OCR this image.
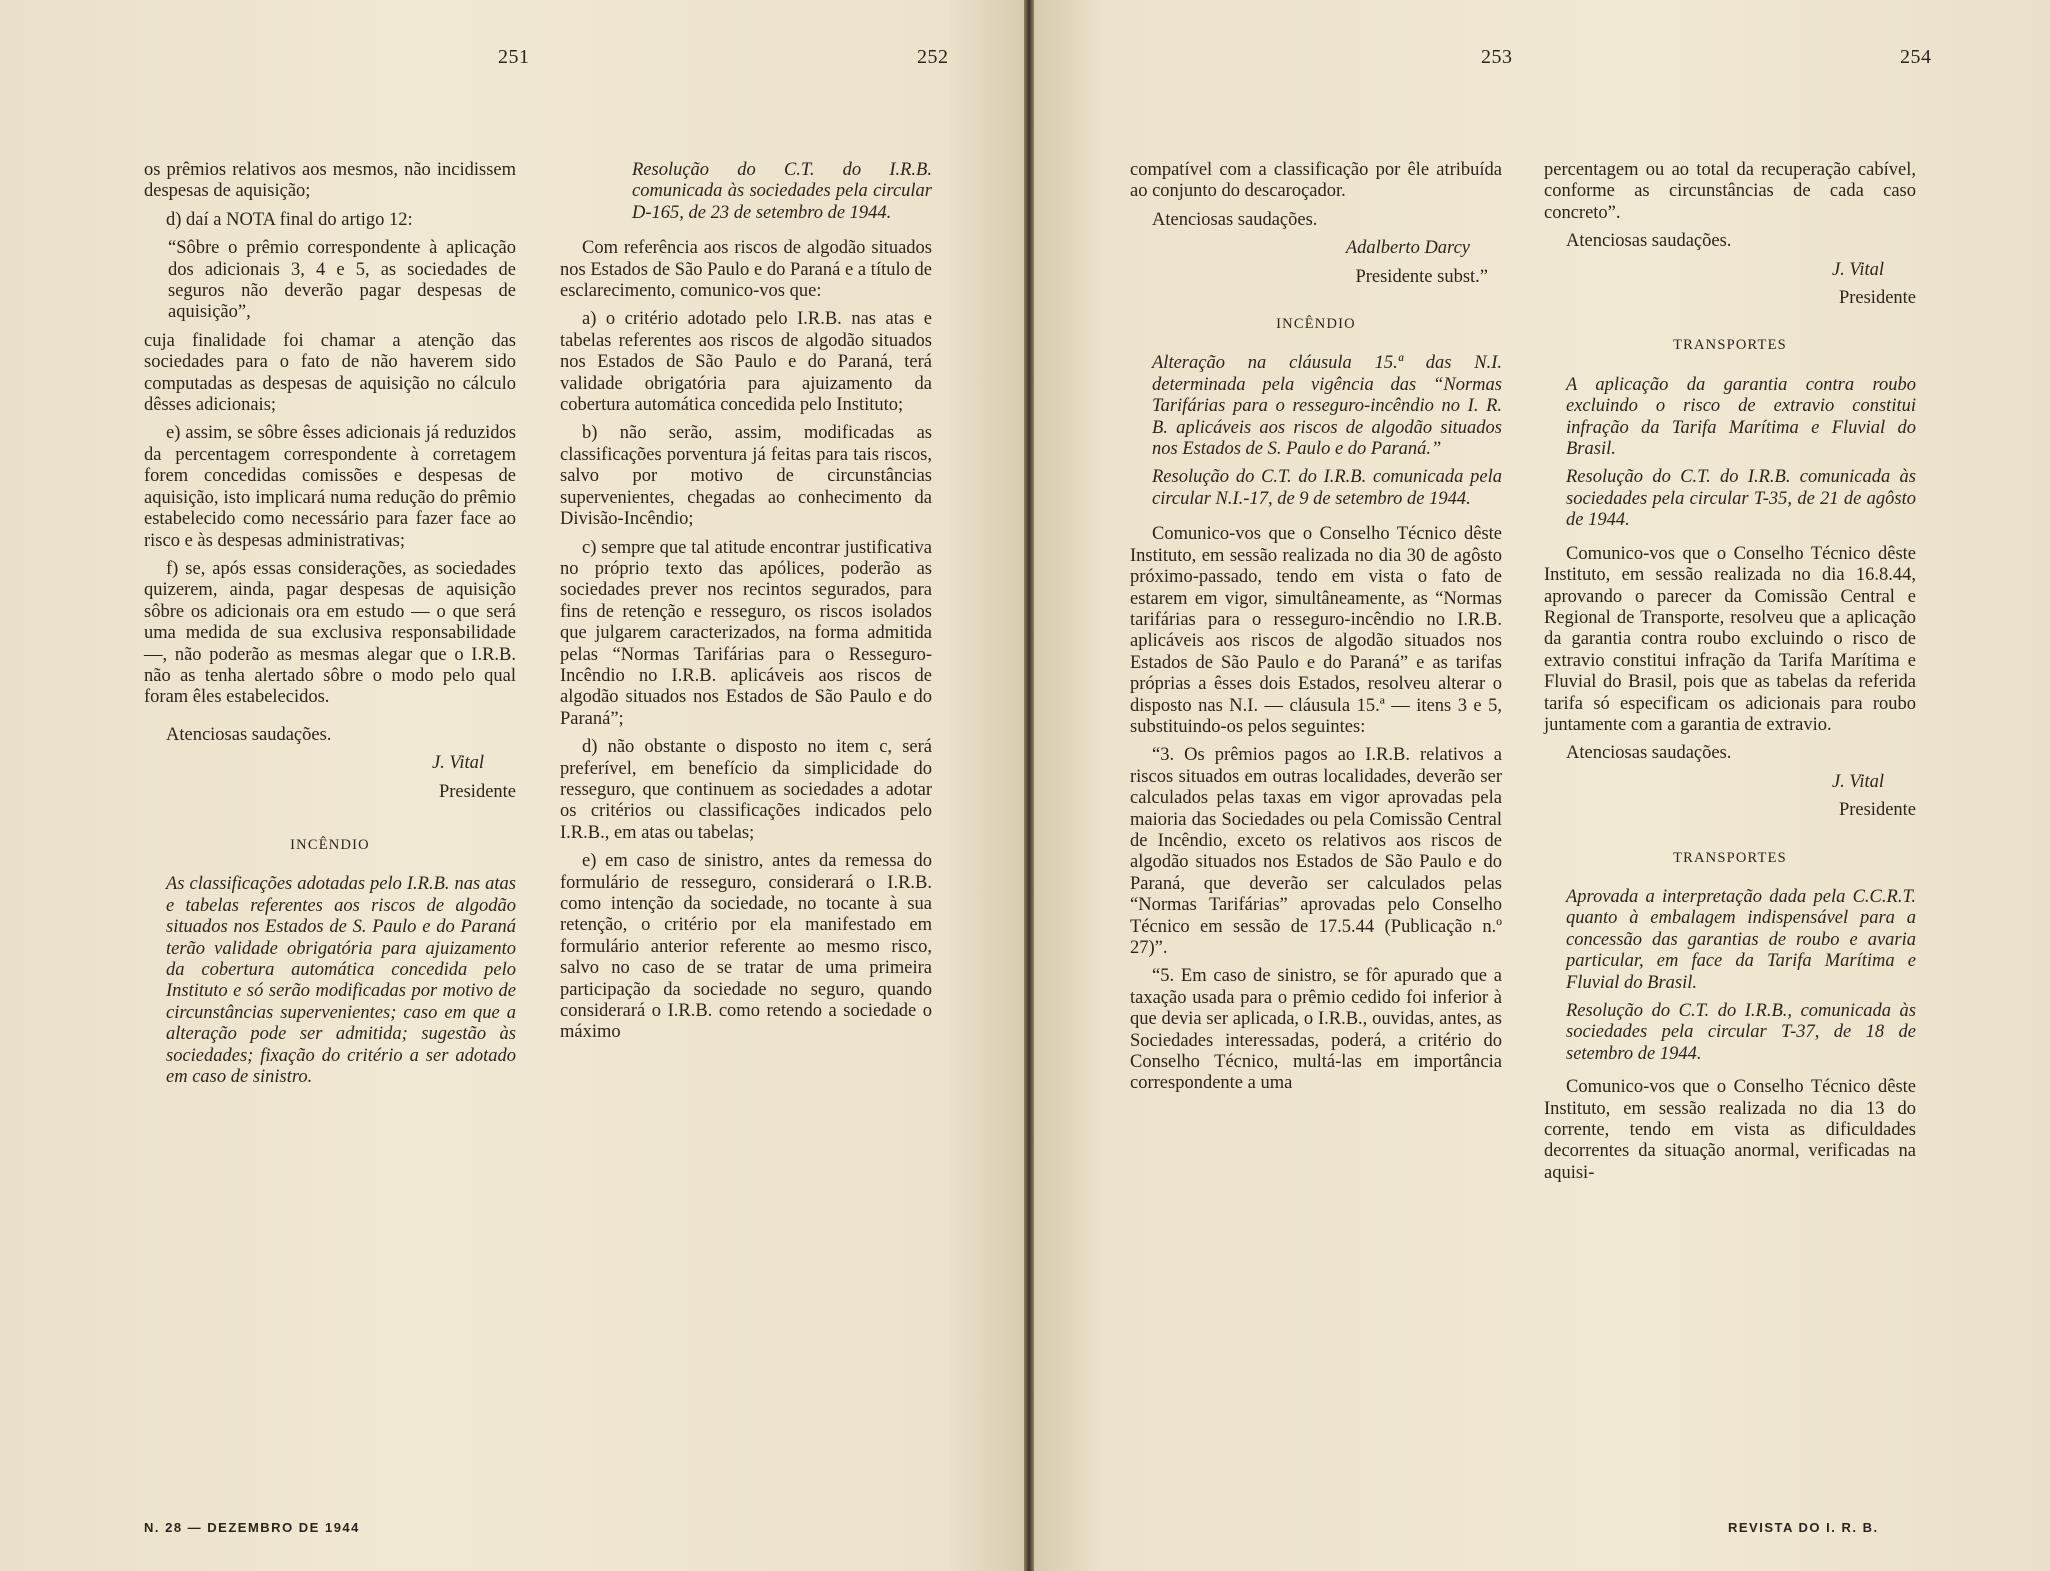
251	252

os prêmios relativos aos mesmos, não incidissem despesas de aquisição;

d) daí a NOTA final do artigo 12:

“Sôbre o prêmio correspondente à aplicação dos adicionais 3, 4 e 5, as sociedades de seguros não deverão pagar despesas de aquisição”,

cuja finalidade foi chamar a atenção das sociedades para o fato de não haverem sido computadas as despesas de aquisição no cálculo dêsses adicionais;

e) assim, se sôbre êsses adicionais já reduzidos da percentagem correspondente à corretagem forem concedidas comissões e despesas de aquisição, isto implicará numa redução do prêmio estabelecido como necessário para fazer face ao risco e às despesas administrativas;

f) se, após essas considerações, as sociedades quizerem, ainda, pagar despesas de aquisição sôbre os adicionais ora em estudo — o que será uma medida de sua exclusiva responsabilidade —, não poderão as mesmas alegar que o I.R.B. não as tenha alertado sôbre o modo pelo qual foram êles estabelecidos.

Atenciosas saudações.

J. Vital

Presidente

INCÊNDIO

As classificações adotadas pelo I.R.B. nas atas e tabelas referentes aos riscos de algodão situados nos Estados de S. Paulo e do Paraná terão validade obrigatória para ajuizamento da cobertura automática concedida pelo Instituto e só serão modificadas por motivo de circunstâncias supervenientes; caso em que a alteração pode ser admitida; sugestão às sociedades; fixação do critério a ser adotado em caso de sinistro.

Resolução do C.T. do I.R.B. comunicada às sociedades pela circular D-165, de 23 de setembro de 1944.

Com referência aos riscos de algodão situados nos Estados de São Paulo e do Paraná e a título de esclarecimento, comunico-vos que:

a) o critério adotado pelo I.R.B. nas atas e tabelas referentes aos riscos de algodão situados nos Estados de São Paulo e do Paraná, terá validade obrigatória para ajuizamento da cobertura automática concedida pelo Instituto;

b) não serão, assim, modificadas as classificações porventura já feitas para tais riscos, salvo por motivo de circunstâncias supervenientes, chegadas ao conhecimento da Divisão-Incêndio;

c) sempre que tal atitude encontrar justificativa no próprio texto das apólices, poderão as sociedades prever nos recintos segurados, para fins de retenção e resseguro, os riscos isolados que julgarem caracterizados, na forma admitida pelas “Normas Tarifárias para o Resseguro-Incêndio no I.R.B. aplicáveis aos riscos de algodão situados nos Estados de São Paulo e do Paraná”;

d) não obstante o disposto no item c, será preferível, em benefício da simplicidade do resseguro, que continuem as sociedades a adotar os critérios ou classificações indicados pelo I.R.B., em atas ou tabelas;

e) em caso de sinistro, antes da remessa do formulário de resseguro, considerará o I.R.B. como intenção da sociedade, no tocante à sua retenção, o critério por ela manifestado em formulário anterior referente ao mesmo risco, salvo no caso de se tratar de uma primeira participação da sociedade no seguro, quando considerará o I.R.B. como retendo a sociedade o máximo

N. 28 — DEZEMBRO DE 1944
253	254

compatível com a classificação por êle atribuída ao conjunto do descaroçador.

Atenciosas saudações.

Adalberto Darcy

Presidente subst.”

INCÊNDIO

Alteração na cláusula 15.ª das N.I. determinada pela vigência das “Normas Tarifárias para o resseguro-incêndio no I. R. B. aplicáveis aos riscos de algodão situados nos Estados de S. Paulo e do Paraná.”

Resolução do C.T. do I.R.B. comunicada pela circular N.I.-17, de 9 de setembro de 1944.

Comunico-vos que o Conselho Técnico dêste Instituto, em sessão realizada no dia 30 de agôsto próximo-passado, tendo em vista o fato de estarem em vigor, simultâneamente, as “Normas tarifárias para o resseguro-incêndio no I.R.B. aplicáveis aos riscos de algodão situados nos Estados de São Paulo e do Paraná” e as tarifas próprias a êsses dois Estados, resolveu alterar o disposto nas N.I. — cláusula 15.ª — itens 3 e 5, substituindo-os pelos seguintes:

“3. Os prêmios pagos ao I.R.B. relativos a riscos situados em outras localidades, deverão ser calculados pelas taxas em vigor aprovadas pela maioria das Sociedades ou pela Comissão Central de Incêndio, exceto os relativos aos riscos de algodão situados nos Estados de São Paulo e do Paraná, que deverão ser calculados pelas “Normas Tarifárias” aprovadas pelo Conselho Técnico em sessão de 17.5.44 (Publicação n.º 27)”.

“5. Em caso de sinistro, se fôr apurado que a taxação usada para o prêmio cedido foi inferior à que devia ser aplicada, o I.R.B., ouvidas, antes, as Sociedades interessadas, poderá, a critério do Conselho Técnico, multá-las em importância correspondente a uma

percentagem ou ao total da recuperação cabível, conforme as circunstâncias de cada caso concreto”.

Atenciosas saudações.

J. Vital

Presidente

TRANSPORTES

A aplicação da garantia contra roubo excluindo o risco de extravio constitui infração da Tarifa Marítima e Fluvial do Brasil.

Resolução do C.T. do I.R.B. comunicada às sociedades pela circular T-35, de 21 de agôsto de 1944.

Comunico-vos que o Conselho Técnico dêste Instituto, em sessão realizada no dia 16.8.44, aprovando o parecer da Comissão Central e Regional de Transporte, resolveu que a aplicação da garantia contra roubo excluindo o risco de extravio constitui infração da Tarifa Marítima e Fluvial do Brasil, pois que as tabelas da referida tarifa só especificam os adicionais para roubo juntamente com a garantia de extravio.

Atenciosas saudações.

J. Vital

Presidente

TRANSPORTES

Aprovada a interpretação dada pela C.C.R.T. quanto à embalagem indispensável para a concessão das garantias de roubo e avaria particular, em face da Tarifa Marítima e Fluvial do Brasil.

Resolução do C.T. do I.R.B., comunicada às sociedades pela circular T-37, de 18 de setembro de 1944.

Comunico-vos que o Conselho Técnico dêste Instituto, em sessão realizada no dia 13 do corrente, tendo em vista as dificuldades decorrentes da situação anormal, verificadas na aquisi-

REVISTA DO I. R. B.
